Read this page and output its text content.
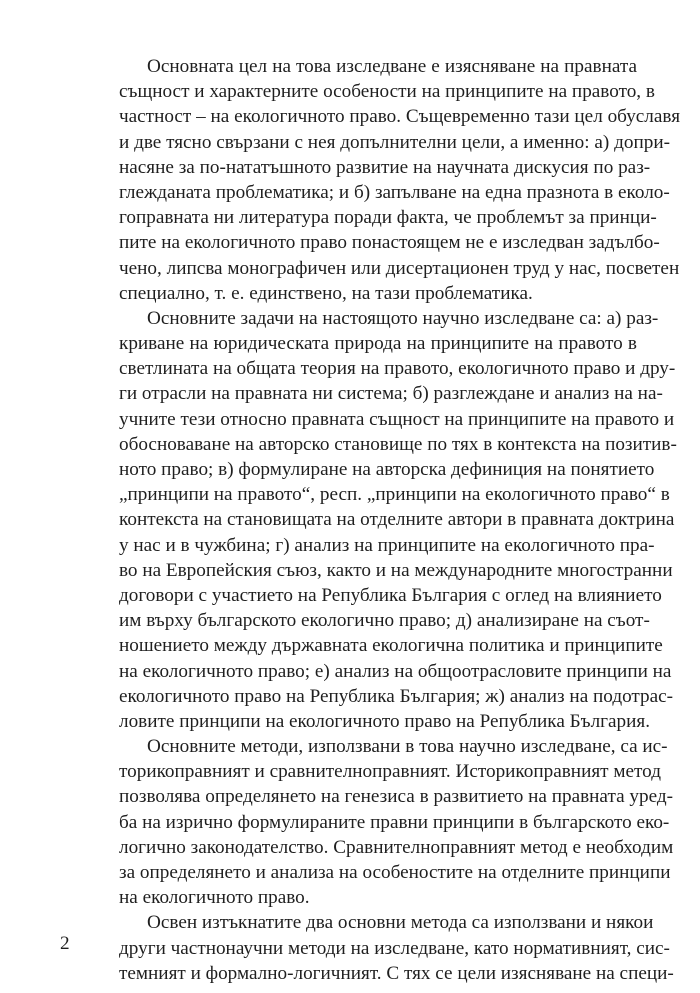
Основната цел на това изследване е изясняване на правната
същност и характерните особености на принципите на правото, в
частност – на екологичното право. Същевременно тази цел обуславя
и две тясно свързани с нея допълнителни цели, а именно: а) допри-
насяне за по-нататъшното развитие на научната дискусия по раз-
глежданата проблематика; и б) запълване на една празнота в еколо-
гоправната ни литература поради факта, че проблемът за принци-
пите на екологичното право понастоящем не е изследван задълбо-
чено, липсва монографичен или дисертационен труд у нас, посветен
специално, т. е. единствено, на тази проблематика.
Основните задачи на настоящото научно изследване са: а) раз-
криване на юридическата природа на принципите на правото в
светлината на общата теория на правото, екологичното право и дру-
ги отрасли на правната ни система; б) разглеждане и анализ на на-
учните тези относно правната същност на принципите на правото и
обосноваване на авторско становище по тях в контекста на позитив-
ното право; в) формулиране на авторска дефиниция на понятието
„принципи на правото“, респ. „принципи на екологичното право“ в
контекста на становищата на отделните автори в правната доктрина
у нас и в чужбина; г) анализ на принципите на екологичното пра-
во на Европейския съюз, както и на международните многостранни
договори с участието на Република България с оглед на влиянието
им върху българското екологично право; д) анализиране на съот-
ношението между държавната екологична политика и принципите
на екологичното право; е) анализ на общоотрасловите принципи на
екологичното право на Република България; ж) анализ на подотрас-
ловите принципи на екологичното право на Република България.
Основните методи, използвани в това научно изследване, са ис-
торикоправният и сравнителноправният. Историкоправният метод
позволява определянето на генезиса в развитието на правната уред-
ба на изрично формулираните правни принципи в българското еко-
логично законодателство. Сравнителноправният метод е необходим
за определянето и анализа на особеностите на отделните принципи
на екологичното право.
Освен изтъкнатите два основни метода са използвани и някои
други частнонаучни методи на изследване, като нормативният, сис-
темният и формално-логичният. С тях се цели изясняване на специ-
2
